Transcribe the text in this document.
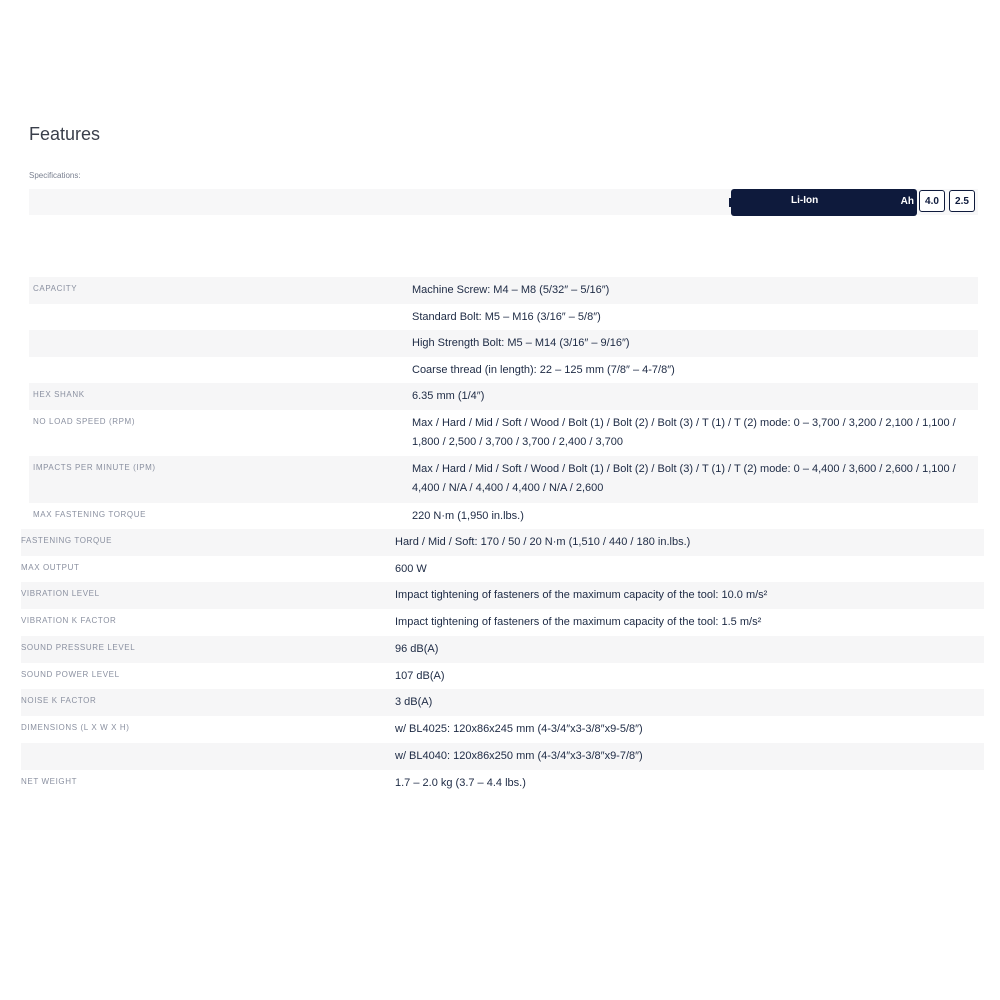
Features
Specifications:
Li-Ion	Ah	4.0	2.5
CAPACITY	Machine Screw: M4 – M8 (5/32″ – 5/16″)
Standard Bolt: M5 – M16 (3/16″ – 5/8″)
High Strength Bolt: M5 – M14 (3/16″ – 9/16″)
Coarse thread (in length): 22 – 125 mm (7/8″ – 4-7/8″)
HEX SHANK	6.35 mm (1/4″)
NO LOAD SPEED (RPM)	Max / Hard / Mid / Soft / Wood / Bolt (1) / Bolt (2) / Bolt (3) / T (1) / T (2) mode: 0 – 3,700 / 3,200 / 2,100 / 1,100 / 1,800 / 2,500 / 3,700 / 3,700 / 2,400 / 3,700
IMPACTS PER MINUTE (IPM)	Max / Hard / Mid / Soft / Wood / Bolt (1) / Bolt (2) / Bolt (3) / T (1) / T (2) mode: 0 – 4,400 / 3,600 / 2,600 / 1,100 / 4,400 / N/A / 4,400 / 4,400 / N/A / 2,600
MAX FASTENING TORQUE	220 N·m (1,950 in.lbs.)
FASTENING TORQUE	Hard / Mid / Soft: 170 / 50 / 20 N·m (1,510 / 440 / 180 in.lbs.)
MAX OUTPUT	600 W
VIBRATION LEVEL	Impact tightening of fasteners of the maximum capacity of the tool: 10.0 m/s²
VIBRATION K FACTOR	Impact tightening of fasteners of the maximum capacity of the tool: 1.5 m/s²
SOUND PRESSURE LEVEL	96 dB(A)
SOUND POWER LEVEL	107 dB(A)
NOISE K FACTOR	3 dB(A)
DIMENSIONS (L X W X H)	w/ BL4025: 120x86x245 mm (4-3/4″x3-3/8″x9-5/8″)
w/ BL4040: 120x86x250 mm (4-3/4″x3-3/8″x9-7/8″)
NET WEIGHT	1.7 – 2.0 kg (3.7 – 4.4 lbs.)
